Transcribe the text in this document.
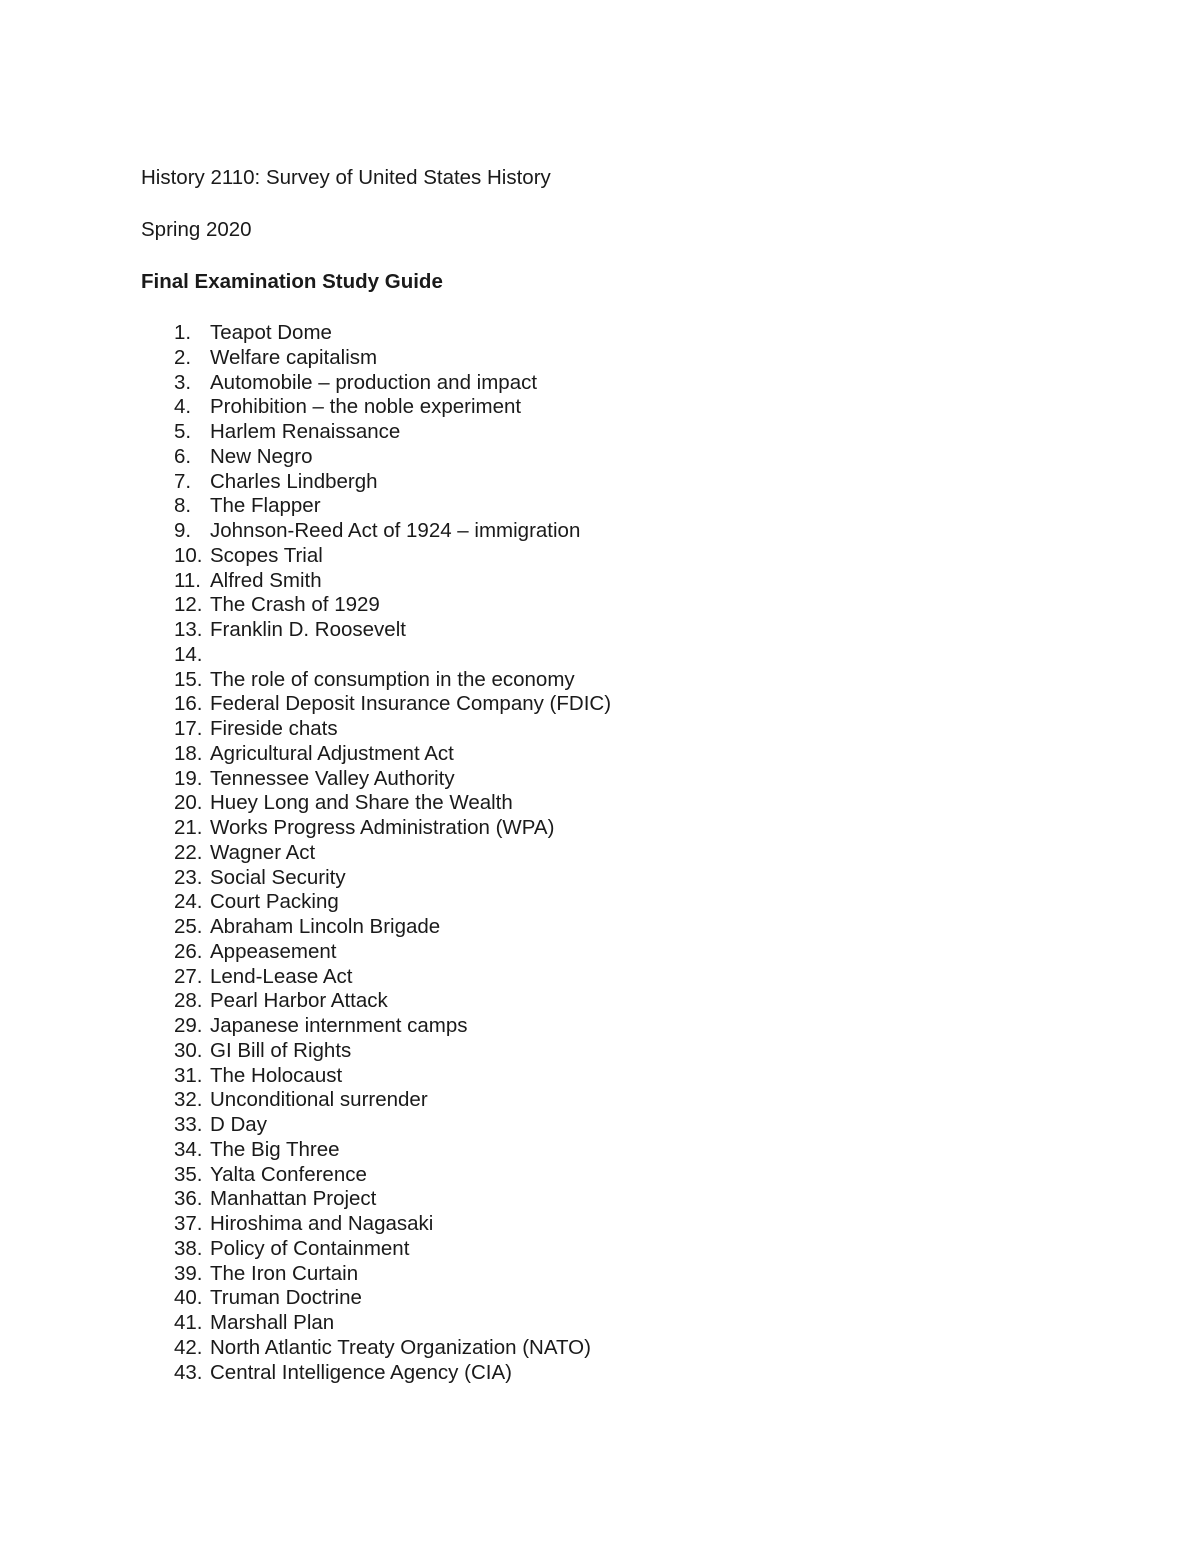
History 2110: Survey of United States History

Spring 2020

Final Examination Study Guide

1. Teapot Dome
2. Welfare capitalism
3. Automobile – production and impact
4. Prohibition – the noble experiment
5. Harlem Renaissance
6. New Negro
7. Charles Lindbergh
8. The Flapper
9. Johnson-Reed Act of 1924 – immigration
10. Scopes Trial
11. Alfred Smith
12. The Crash of 1929
13. Franklin D. Roosevelt
14.
15. The role of consumption in the economy
16. Federal Deposit Insurance Company (FDIC)
17. Fireside chats
18. Agricultural Adjustment Act
19. Tennessee Valley Authority
20. Huey Long and Share the Wealth
21. Works Progress Administration (WPA)
22. Wagner Act
23. Social Security
24. Court Packing
25. Abraham Lincoln Brigade
26. Appeasement
27. Lend-Lease Act
28. Pearl Harbor Attack
29. Japanese internment camps
30. GI Bill of Rights
31. The Holocaust
32. Unconditional surrender
33. D Day
34. The Big Three
35. Yalta Conference
36. Manhattan Project
37. Hiroshima and Nagasaki
38. Policy of Containment
39. The Iron Curtain
40. Truman Doctrine
41. Marshall Plan
42. North Atlantic Treaty Organization (NATO)
43. Central Intelligence Agency (CIA)
